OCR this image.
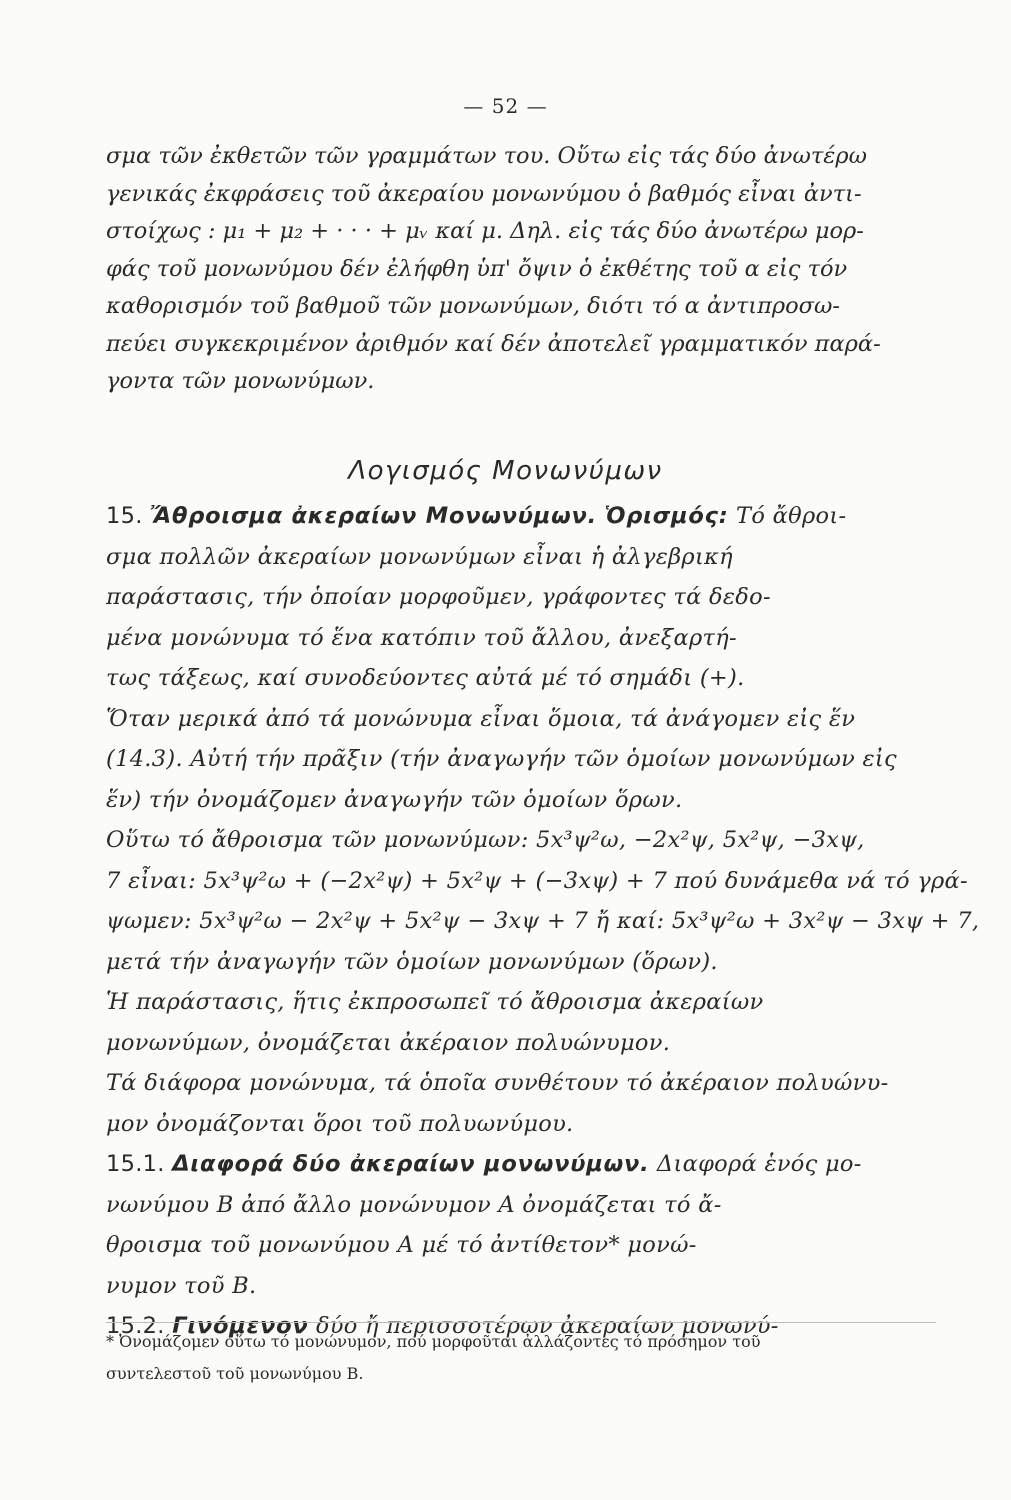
— 52 —
σμα τῶν ἐκθετῶν τῶν γραμμάτων του. Οὕτω εἰς τάς δύο ἀνωτέρω
γενικάς ἐκφράσεις τοῦ ἀκεραίου μονωνύμου ὁ βαθμός εἶναι ἀντι-
στοίχως : μ₁ + μ₂ + · · · + μᵥ καί μ. Δηλ. εἰς τάς δύο ἀνωτέρω μορ-
φάς τοῦ μονωνύμου δέν ἐλήφθη ὑπ' ὄψιν ὁ ἐκθέτης τοῦ α εἰς τόν
καθορισμόν τοῦ βαθμοῦ τῶν μονωνύμων, διότι τό α ἀντιπροσω-
πεύει συγκεκριμένον ἀριθμόν καί δέν ἀποτελεῖ γραμματικόν παρά-
γοντα τῶν μονωνύμων.
Λογισμός Μονωνύμων
15. Ἄθροισμα ἀκεραίων Μονωνύμων. Ὁρισμός: Τό ἄθροι-
σμα πολλῶν ἀκεραίων μονωνύμων εἶναι ἡ ἀλγεβρική
παράστασις, τήν ὁποίαν μορφοῦμεν, γράφοντες τά δεδο-
μένα μονώνυμα τό ἕνα κατόπιν τοῦ ἄλλου, ἀνεξαρτή-
τως τάξεως, καί συνοδεύοντες αὐτά μέ τό σημάδι (+).
Ὅταν μερικά ἀπό τά μονώνυμα εἶναι ὅμοια, τά ἀνάγομεν εἰς ἕν
(14.3). Αὐτή τήν πρᾶξιν (τήν ἀναγωγήν τῶν ὁμοίων μονωνύμων εἰς
ἕν) τήν ὀνομάζομεν ἀναγωγήν τῶν ὁμοίων ὅρων.
Οὕτω τό ἄθροισμα τῶν μονωνύμων: 5x³ψ²ω, −2x²ψ, 5x²ψ, −3xψ,
7 εἶναι: 5x³ψ²ω + (−2x²ψ) + 5x²ψ + (−3xψ) + 7 πού δυνάμεθα νά τό γρά-
ψωμεν: 5x³ψ²ω − 2x²ψ + 5x²ψ − 3xψ + 7 ἤ καί: 5x³ψ²ω + 3x²ψ − 3xψ + 7,
μετά τήν ἀναγωγήν τῶν ὁμοίων μονωνύμων (ὅρων).
Ἡ παράστασις, ἥτις ἐκπροσωπεῖ τό ἄθροισμα ἀκεραίων
μονωνύμων, ὀνομάζεται ἀκέραιον πολυώνυμον.
Τά διάφορα μονώνυμα, τά ὁποῖα συνθέτουν τό ἀκέραιον πολυώνυ-
μον ὀνομάζονται ὅροι τοῦ πολυωνύμου.
15.1. Διαφορά δύο ἀκεραίων μονωνύμων. Διαφορά ἑνός μο-
νωνύμου Β ἀπό ἄλλο μονώνυμον Α ὀνομάζεται τό ἄ-
θροισμα τοῦ μονωνύμου Α μέ τό ἀντίθετον* μονώ-
νυμον τοῦ Β.
15.2. Γινόμενον δύο ἤ περισσοτέρων ἀκεραίων μονωνύ-
* Ὀνομάζομεν οὕτω τό μονώνυμον, πού μορφοῦται ἀλλάζοντες τό πρόσημον τοῦ
συντελεστοῦ τοῦ μονωνύμου Β.
